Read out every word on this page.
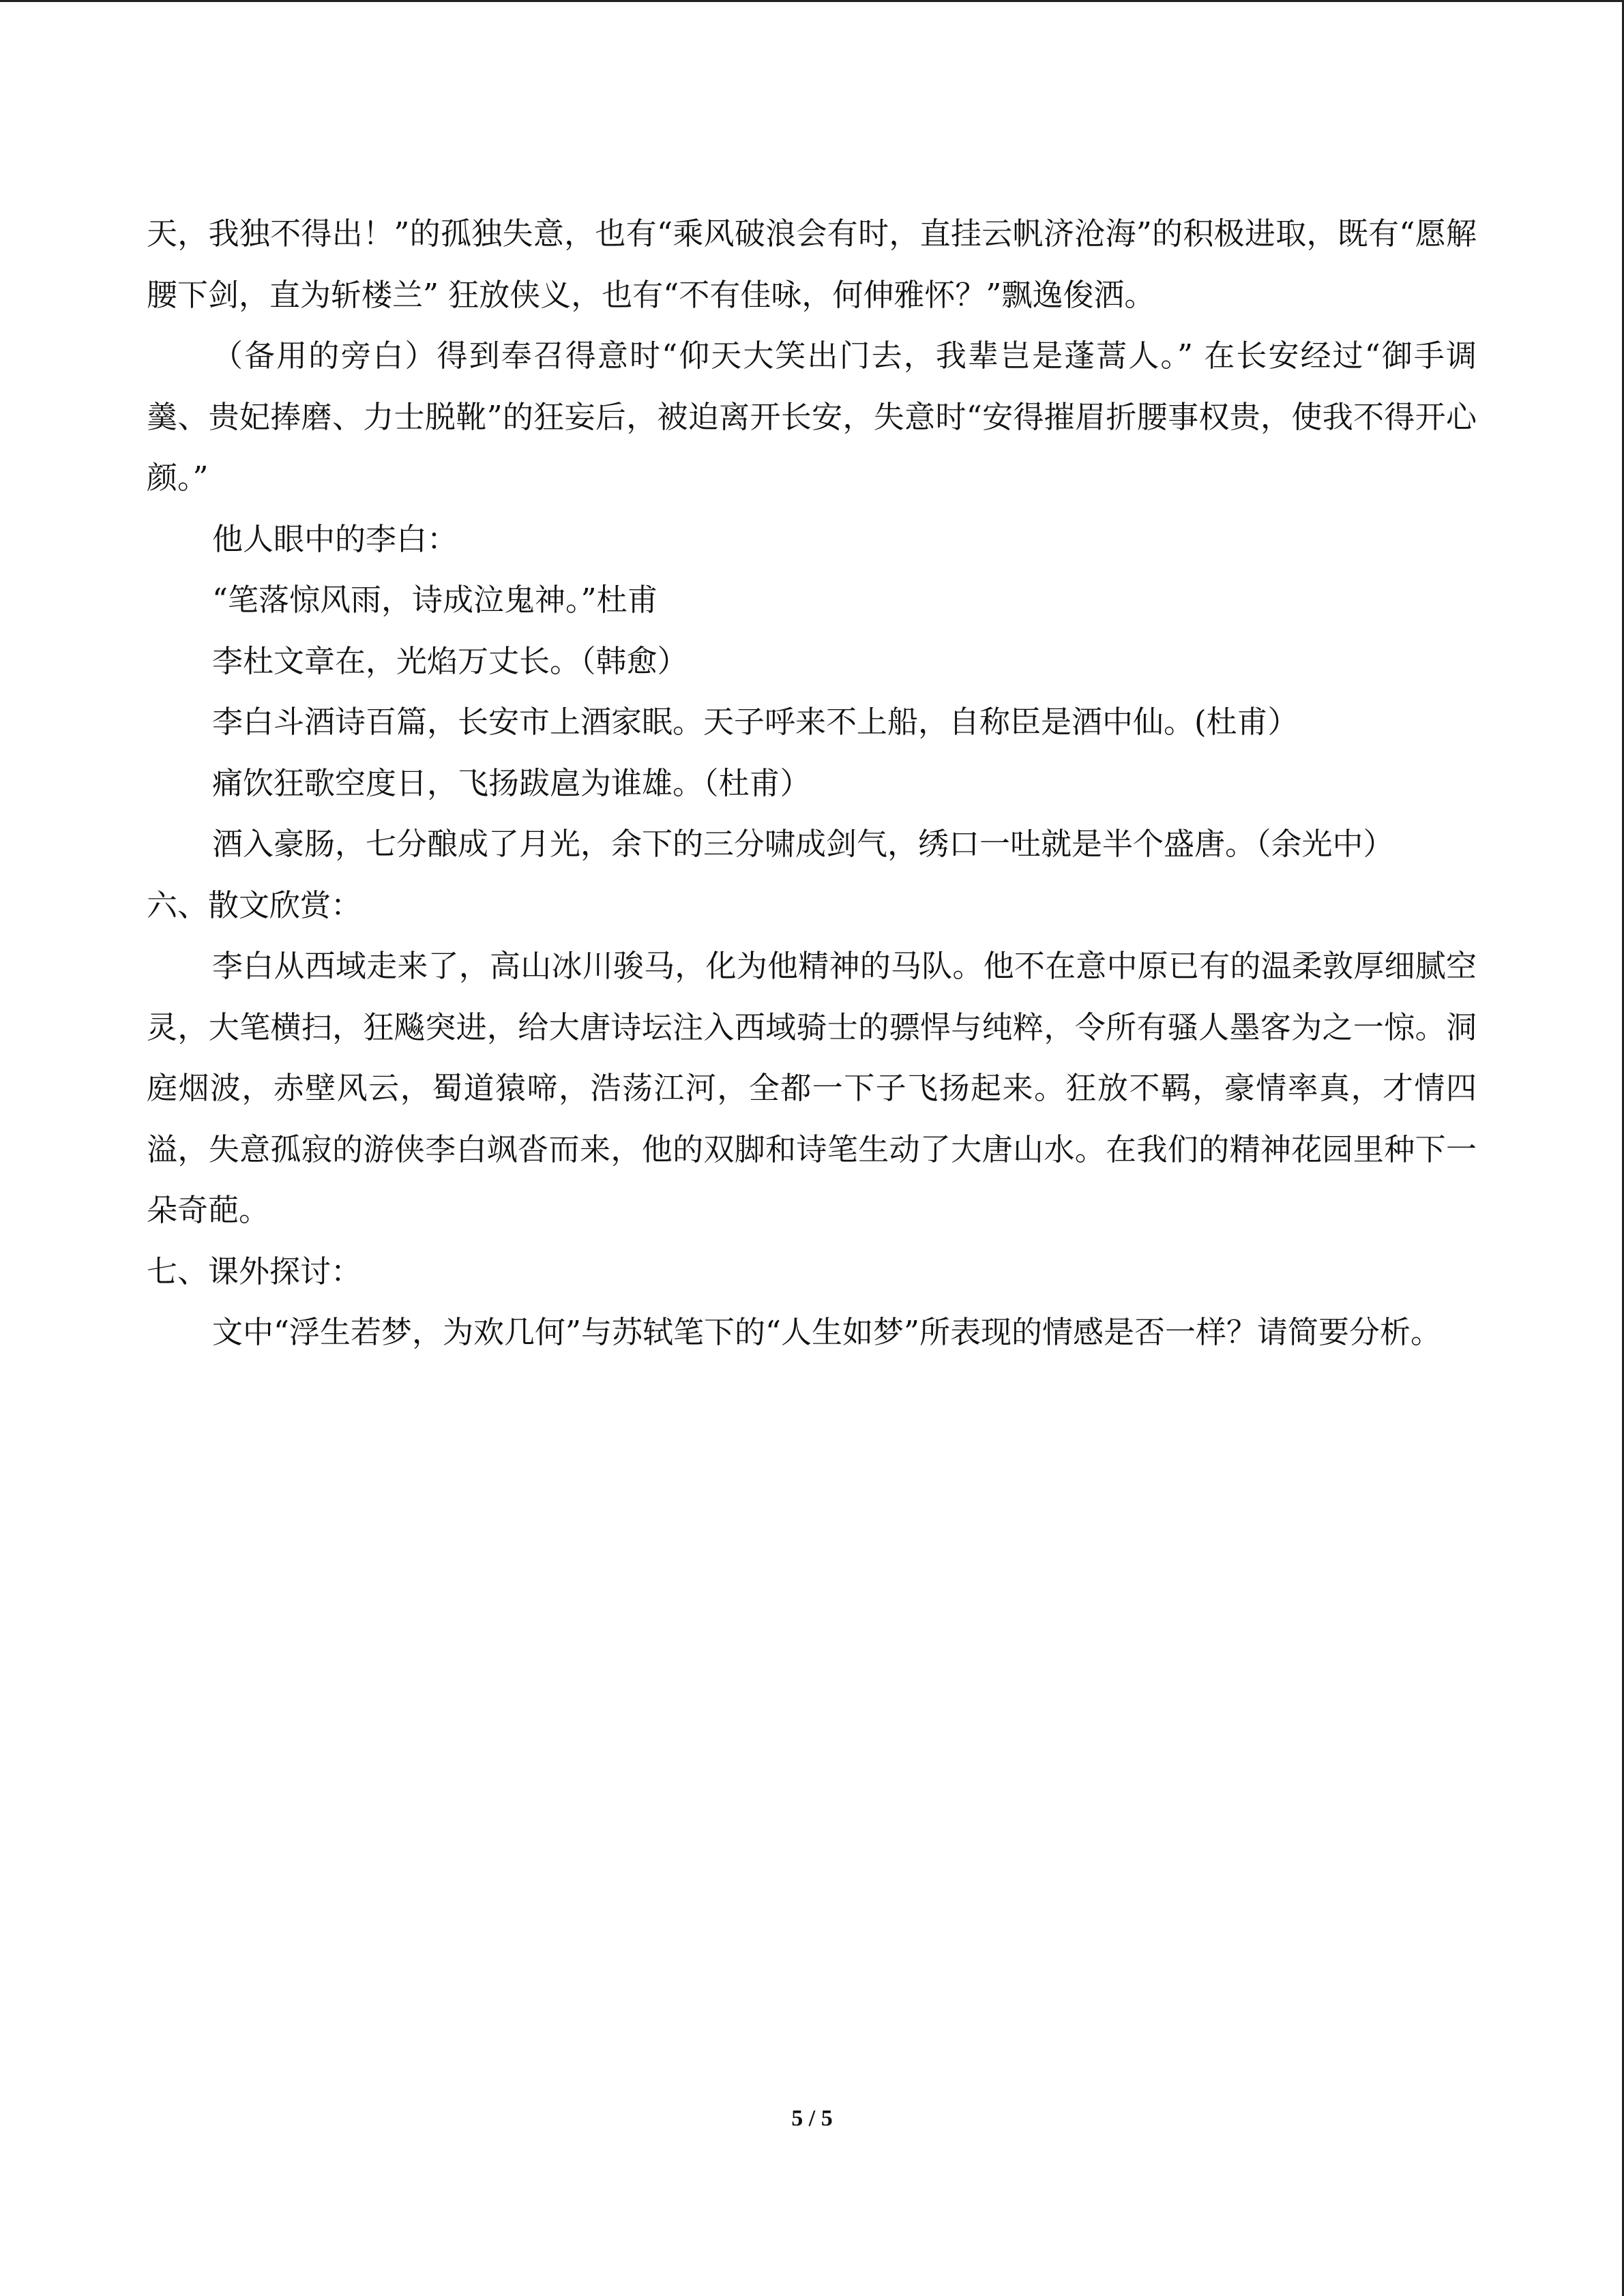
天，我独不得出！”的孤独失意，也有“乘风破浪会有时，直挂云帆济沧海”的积极进取，既有“愿解腰下剑，直为斩楼兰” 狂放侠义，也有“不有佳咏，何伸雅怀？”飘逸俊洒。

（备用的旁白）得到奉召得意时“仰天大笑出门去，我辈岂是蓬蒿人。” 在长安经过“御手调羹、贵妃捧磨、力士脱靴”的狂妄后，被迫离开长安，失意时“安得摧眉折腰事权贵，使我不得开心颜。”

他人眼中的李白：

“笔落惊风雨，诗成泣鬼神。”杜甫

李杜文章在，光焰万丈长。（韩愈）

李白斗酒诗百篇，长安市上酒家眠。天子呼来不上船，自称臣是酒中仙。(杜甫）

痛饮狂歌空度日，飞扬跋扈为谁雄。（杜甫）

酒入豪肠，七分酿成了月光，余下的三分啸成剑气，绣口一吐就是半个盛唐。（余光中）

六、散文欣赏：

李白从西域走来了，高山冰川骏马，化为他精神的马队。他不在意中原已有的温柔敦厚细腻空灵，大笔横扫，狂飚突进，给大唐诗坛注入西域骑士的骠悍与纯粹，令所有骚人墨客为之一惊。洞庭烟波，赤壁风云，蜀道猿啼，浩荡江河，全都一下子飞扬起来。狂放不羁，豪情率真，才情四溢，失意孤寂的游侠李白飒沓而来，他的双脚和诗笔生动了大唐山水。在我们的精神花园里种下一朵奇葩。

七、课外探讨：

文中“浮生若梦，为欢几何”与苏轼笔下的“人生如梦”所表现的情感是否一样？请简要分析。

5 / 5
